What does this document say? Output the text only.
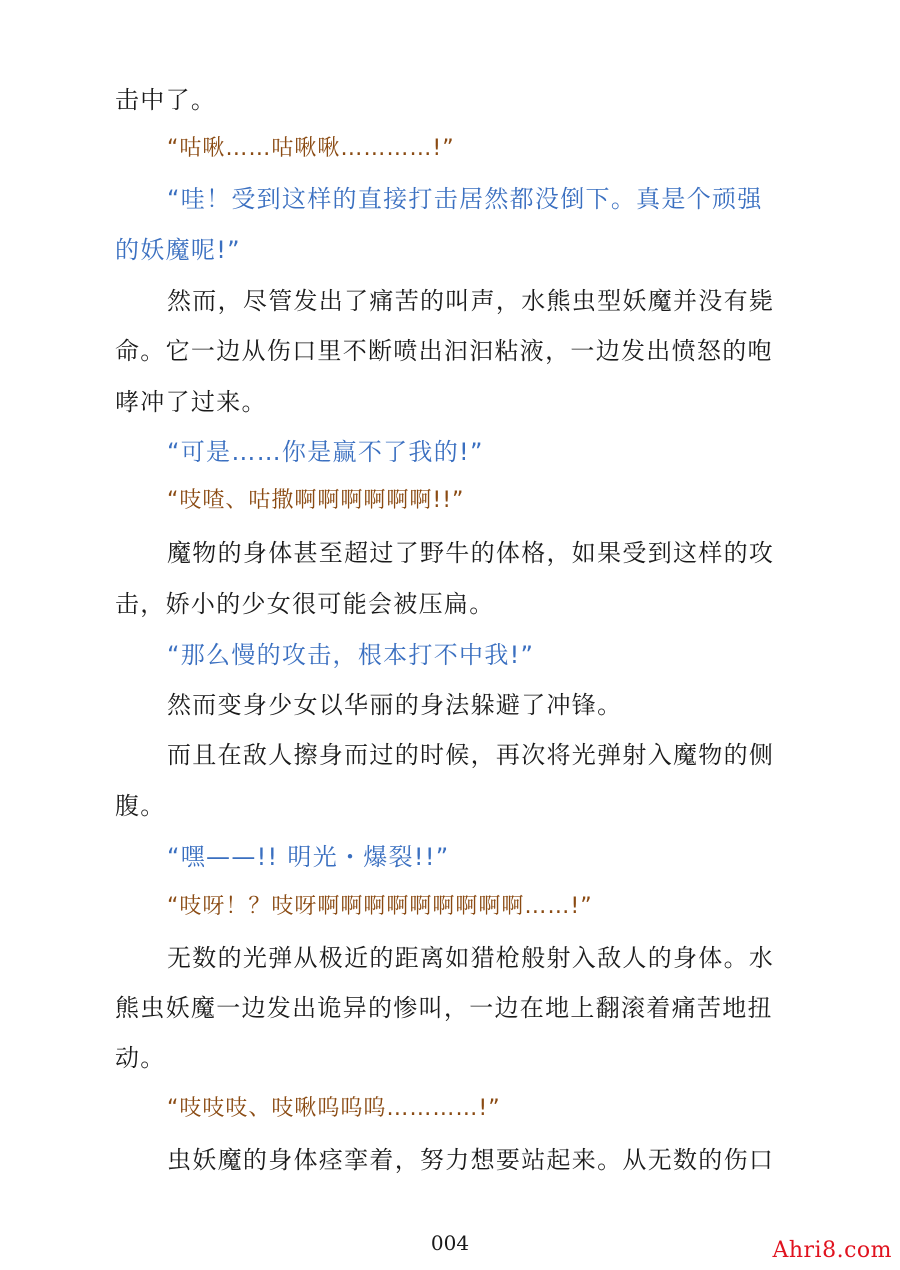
击中了。
“咕啾……咕啾啾…………!”
“哇！受到这样的直接打击居然都没倒下。真是个顽强
的妖魔呢!”
然而，尽管发出了痛苦的叫声，水熊虫型妖魔并没有毙
命。它一边从伤口里不断喷出汩汩粘液，一边发出愤怒的咆
哮冲了过来。
“可是……你是赢不了我的!”
“吱喳、咕撒啊啊啊啊啊啊!!”
魔物的身体甚至超过了野牛的体格，如果受到这样的攻
击，娇小的少女很可能会被压扁。
“那么慢的攻击，根本打不中我!”
然而变身少女以华丽的身法躲避了冲锋。
而且在敌人擦身而过的时候，再次将光弹射入魔物的侧
腹。
“嘿——!! 明光・爆裂!!”
“吱呀！？吱呀啊啊啊啊啊啊啊啊啊……!”
无数的光弹从极近的距离如猎枪般射入敌人的身体。水
熊虫妖魔一边发出诡异的惨叫，一边在地上翻滚着痛苦地扭
动。
“吱吱吱、吱啾呜呜呜…………!”
虫妖魔的身体痉挛着，努力想要站起来。从无数的伤口
004	Ahri8.com
